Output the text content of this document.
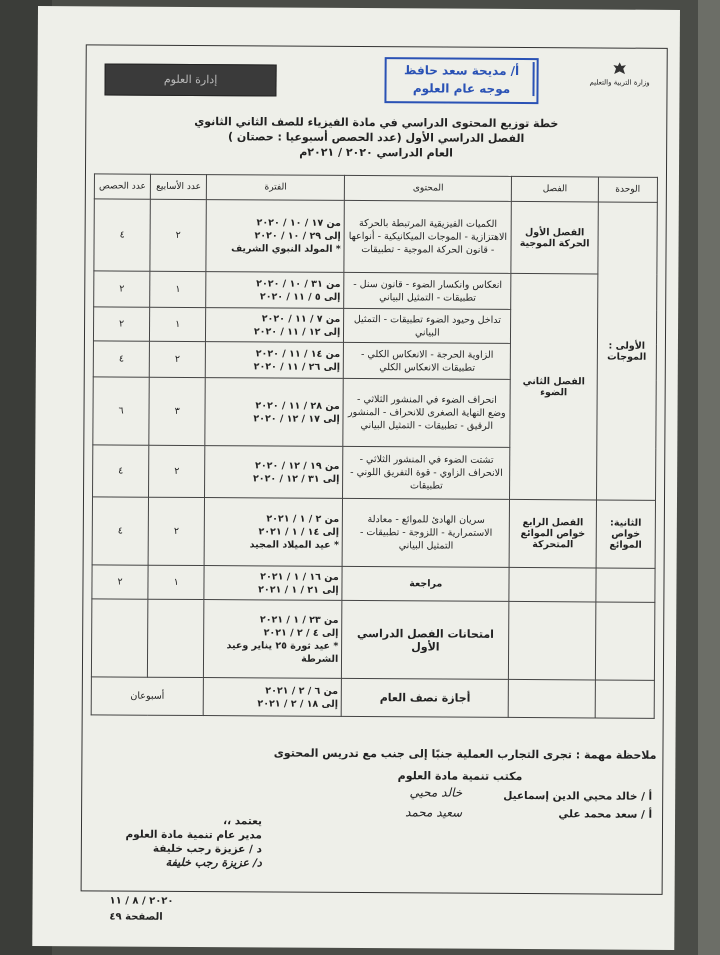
وزارة التربية والتعليم
أ/ مديحة سعد حافظ
موجه عام العلوم
إدارة العلوم
خطة توزيع المحتوى الدراسي في مادة الفيزياء للصف الثاني الثانوي
الفصل الدراسي الأول (عدد الحصص أسبوعيا : حصتان )
العام الدراسي ٢٠٢٠ / ٢٠٢١م
الوحدة	الفصل	المحتوى	الفترة	عدد الأسابيع	عدد الحصص
الأولى : الموجات	الفصل الأول الحركة الموجية	الكميات الفيزيقية المرتبطة بالحركة الاهتزازية - الموجات الميكانيكية - أنواعها - قانون الحركة الموجية - تطبيقات	من ١٧ / ١٠ / ٢٠٢٠
إلى ٢٩ / ١٠ / ٢٠٢٠
* المولد النبوي الشريف	٢	٤
	الفصل الثاني الضوء	انعكاس وانكسار الضوء - قانون سنل - تطبيقات - التمثيل البياني	من ٣١ / ١٠ / ٢٠٢٠
إلى ٥ / ١١ / ٢٠٢٠	١	٢
		تداخل وحيود الضوء تطبيقات - التمثيل البياني	من ٧ / ١١ / ٢٠٢٠
إلى ١٢ / ١١ / ٢٠٢٠	١	٢
		الزاوية الحرجة - الانعكاس الكلي - تطبيقات الانعكاس الكلي	من ١٤ / ١١ / ٢٠٢٠
إلى ٢٦ / ١١ / ٢٠٢٠	٢	٤
		انحراف الضوء في المنشور الثلاثي - وضع النهاية الصغرى للانحراف - المنشور الرقيق - تطبيقات - التمثيل البياني	من ٢٨ / ١١ / ٢٠٢٠
إلى ١٧ / ١٢ / ٢٠٢٠	٣	٦
		تشتت الضوء في المنشور الثلاثي - الانحراف الزاوي - قوة التفريق اللوني - تطبيقات	من ١٩ / ١٢ / ٢٠٢٠
إلى ٣١ / ١٢ / ٢٠٢٠	٢	٤
الثانية: خواص الموائع	الفصل الرابع خواص الموائع المتحركة	سريان الهادئ للموائع - معادلة الاستمرارية - اللزوجة - تطبيقات - التمثيل البياني	من ٢ / ١ / ٢٠٢١
إلى ١٤ / ١ / ٢٠٢١
* عيد الميلاد المجيد	٢	٤
		مراجعة	من ١٦ / ١ / ٢٠٢١
إلى ٢١ / ١ / ٢٠٢١	١	٢
		امتحانات الفصل الدراسي الأول	من ٢٣ / ١ / ٢٠٢١
إلى ٤ / ٢ / ٢٠٢١
* عيد ثورة ٢٥ يناير وعيد الشرطة		
		أجازة نصف العام	من ٦ / ٢ / ٢٠٢١
إلى ١٨ / ٢ / ٢٠٢١	أسبوعان	
ملاحظة مهمة : تجرى التجارب العملية جنبًا إلى جنب مع تدريس المحتوى
مكتب تنمية مادة العلوم
أ / خالد محيي الدين إسماعيل
خالد محيي
أ / سعد محمد علي
سعيد محمد
يعتمد ،،
مدير عام تنمية مادة العلوم
د / عزيزة رجب خليفة
د/ عزيزة رجب خليفة
٢٠٢٠ / ٨ / ١١
الصفحة ٤٩
